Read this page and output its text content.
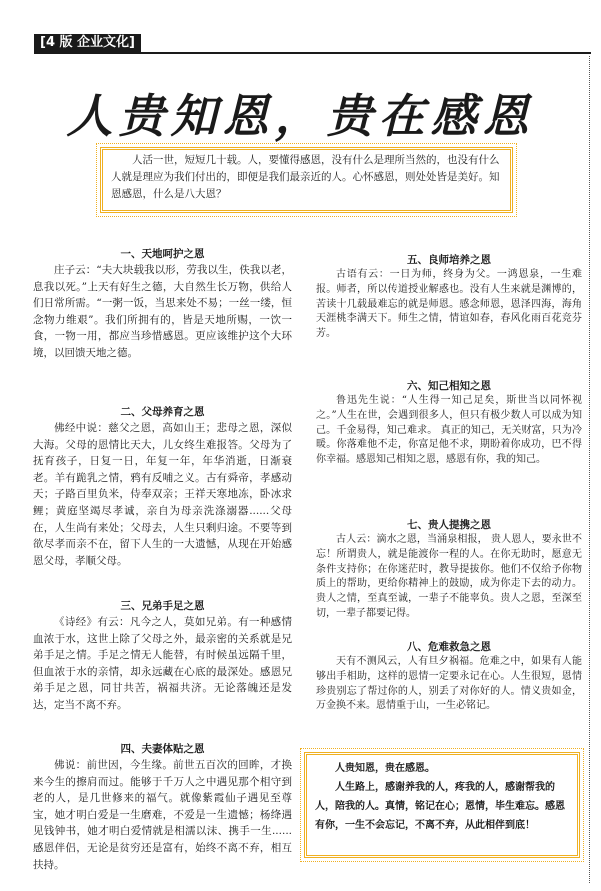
[4 版 企业文化]
人贵知恩，贵在感恩
人活一世，短短几十载。人，要懂得感恩，没有什么是理所当然的，也没有什么人就是理应为我们付出的，即便是我们最亲近的人。心怀感恩，则处处皆是美好。知恩感恩，什么是八大恩？
一、天地呵护之恩

庄子云：“夫大块载我以形，劳我以生，佚我以老，息我以死。”上天有好生之德，大自然生长万物，供给人们日常所需。“一粥一饭，当思来处不易；一丝一缕，恒念物力维艰”。我们所拥有的，皆是天地所赐，一饮一食，一物一用，都应当珍惜感恩。更应该维护这个大环境，以回馈天地之德。

二、父母养育之恩

佛经中说：慈父之恩，高如山王；悲母之恩，深似大海。父母的恩情比天大，儿女终生难报答。父母为了抚育孩子，日复一日，年复一年，年华消逝，日渐衰老。羊有跪乳之情，鸦有反哺之义。古有舜帝，孝感动天；子路百里负米，侍奉双亲；王祥天寒地冻，卧冰求鲤；黄庭坚竭尽孝诚，亲自为母亲洗涤溺器......父母在，人生尚有来处；父母去，人生只剩归途。不要等到欲尽孝而亲不在，留下人生的一大遗憾，从现在开始感恩父母，孝顺父母。

三、兄弟手足之恩

《诗经》有云：凡今之人，莫如兄弟。有一种感情血浓于水，这世上除了父母之外，最亲密的关系就是兄弟手足之情。手足之情无人能替，有时候虽远隔千里，但血浓于水的亲情，却永远藏在心底的最深处。感恩兄弟手足之恩，同甘共苦，祸福共济。无论落魄还是发达，定当不离不弃。

四、夫妻体贴之恩

佛说：前世因，今生缘。前世五百次的回眸，才换来今生的擦肩而过。能够于千万人之中遇见那个相守到老的人，是几世修来的福气。就像紫霞仙子遇见至尊宝，她才明白爱是一生磨难，不爱是一生遗憾；杨绛遇见钱钟书，她才明白爱情就是相濡以沫、携手一生......感恩伴侣，无论是贫穷还是富有，始终不离不弃，相互扶持。

五、良师培养之恩

古语有云：一日为师，终身为父。一鸿恩泉，一生难报。师者，所以传道授业解惑也。没有人生来就是渊博的，苦读十几载最难忘的就是师恩。感念师恩，恩泽四海，海角天涯桃李满天下。师生之情，情谊如春，春风化雨百花竞芬芳。

六、知己相知之恩

鲁迅先生说：“人生得一知己足矣，斯世当以同怀视之。”人生在世，会遇到很多人，但只有极少数人可以成为知己。千金易得，知己难求。 真正的知己，无关财富，只为冷暖。你落难他不走，你富足他不求，期盼着你成功，巴不得你幸福。感恩知己相知之恩，感恩有你，我的知己。

七、贵人提携之恩

古人云：滴水之恩，当涌泉相报， 贵人恩人，要永世不忘！所谓贵人，就是能渡你一程的人。在你无助时，愿意无条件支持你；在你迷茫时，教导提拔你。他们不仅给予你物质上的帮助，更给你精神上的鼓励，成为你走下去的动力。贵人之情，至真至诚，一辈子不能辜负。贵人之恩，至深至切，一辈子都要记得。

八、危难救急之恩

天有不测风云，人有旦夕祸福。危难之中，如果有人能够出手相助，这样的恩情一定要永记在心。人生很短，恩情珍贵别忘了帮过你的人，别丢了对你好的人。情义贵如金，万金换不来。恩情重于山，一生必铭记。

人贵知恩，贵在感恩。
人生路上，感谢养我的人，疼我的人，感谢帮我的人，陪我的人。真情，铭记在心；恩情，毕生难忘。感恩有你，一生不会忘记，不离不弃，从此相伴到底！
